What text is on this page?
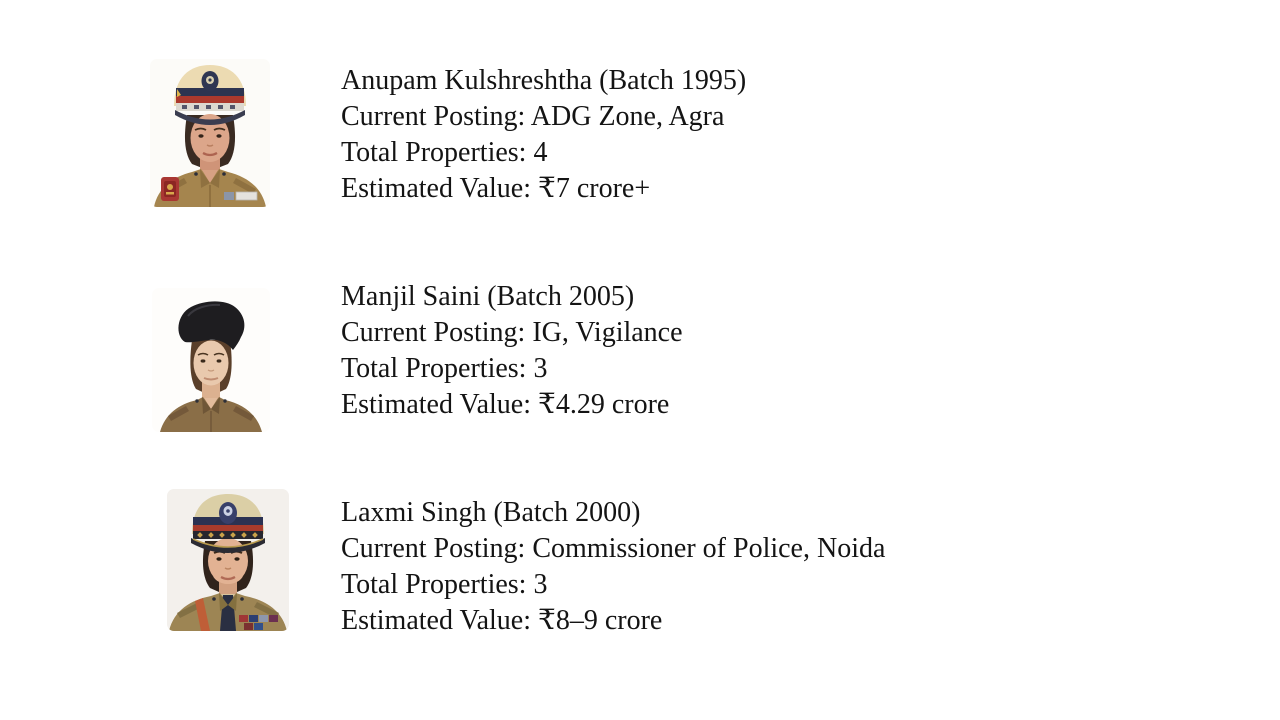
Anupam Kulshreshtha (Batch 1995)
Current Posting: ADG Zone, Agra
Total Properties: 4
Estimated Value: ₹7 crore+
Manjil Saini (Batch 2005)
Current Posting: IG, Vigilance
Total Properties: 3
Estimated Value: ₹4.29 crore
Laxmi Singh (Batch 2000)
Current Posting: Commissioner of Police, Noida
Total Properties: 3
Estimated Value: ₹8–9 crore
